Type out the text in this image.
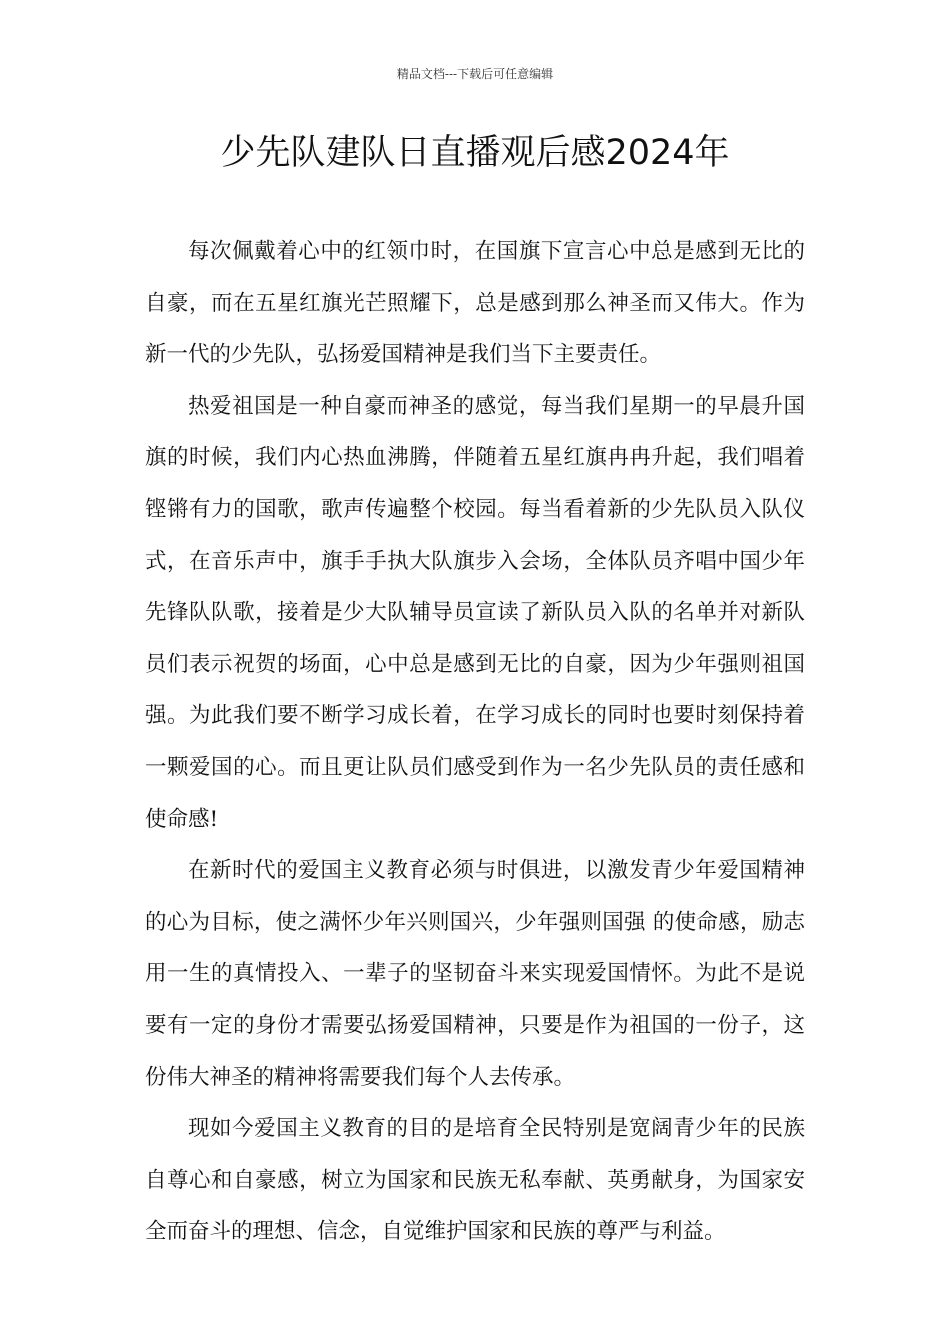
精品文档---下载后可任意编辑
少先队建队日直播观后感2024年

每次佩戴着心中的红领巾时，在国旗下宣言心中总是感到无比的自豪，而在五星红旗光芒照耀下，总是感到那么神圣而又伟大。作为新一代的少先队，弘扬爱国精神是我们当下主要责任。

热爱祖国是一种自豪而神圣的感觉，每当我们星期一的早晨升国旗的时候，我们内心热血沸腾，伴随着五星红旗冉冉升起，我们唱着铿锵有力的国歌，歌声传遍整个校园。每当看着新的少先队员入队仪式，在音乐声中，旗手手执大队旗步入会场，全体队员齐唱中国少年先锋队队歌，接着是少大队辅导员宣读了新队员入队的名单并对新队员们表示祝贺的场面，心中总是感到无比的自豪，因为少年强则祖国强。为此我们要不断学习成长着，在学习成长的同时也要时刻保持着一颗爱国的心。而且更让队员们感受到作为一名少先队员的责任感和使命感!

在新时代的爱国主义教育必须与时俱进，以激发青少年爱国精神的心为目标，使之满怀少年兴则国兴，少年强则国强 的使命感，励志用一生的真情投入、一辈子的坚韧奋斗来实现爱国情怀。为此不是说要有一定的身份才需要弘扬爱国精神，只要是作为祖国的一份子，这份伟大神圣的精神将需要我们每个人去传承。

现如今爱国主义教育的目的是培育全民特别是宽阔青少年的民族自尊心和自豪感，树立为国家和民族无私奉献、英勇献身，为国家安全而奋斗的理想、信念，自觉维护国家和民族的尊严与利益。
